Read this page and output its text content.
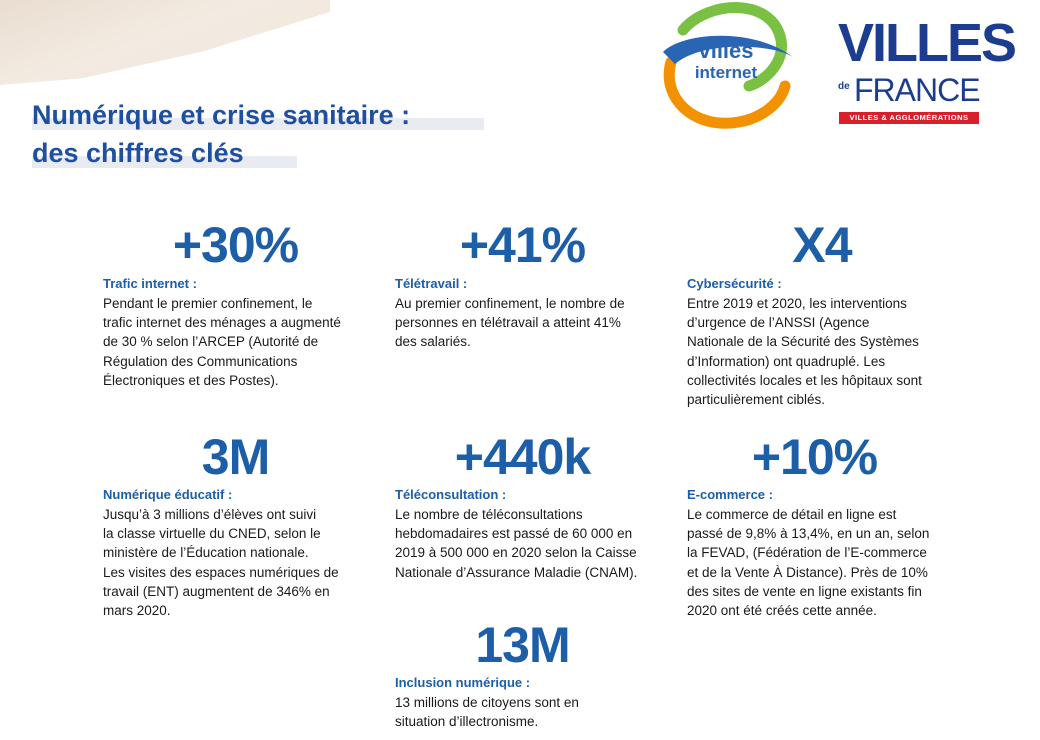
Numérique et crise sanitaire :
des chiffres clés
villes
internet VILLES
de FRANCE
VILLES & AGGLOMÉRATIONS
+30%
Trafic internet :
Pendant le premier confinement, le
trafic internet des ménages a augmenté
de 30 % selon l’ARCEP (Autorité de
Régulation des Communications
Électroniques et des Postes).
+41%
Télétravail :
Au premier confinement, le nombre de
personnes en télétravail a atteint 41%
des salariés.
X4
Cybersécurité :
Entre 2019 et 2020, les interventions
d’urgence de l’ANSSI (Agence
Nationale de la Sécurité des Systèmes
d’Information) ont quadruplé. Les
collectivités locales et les hôpitaux sont
particulièrement ciblés.
3M
Numérique éducatif :
Jusqu’à 3 millions d’élèves ont suivi
la classe virtuelle du CNED, selon le
ministère de l’Éducation nationale.
Les visites des espaces numériques de
travail (ENT) augmentent de 346% en
mars 2020.
+440k
Téléconsultation :
Le nombre de téléconsultations
hebdomadaires est passé de 60 000 en
2019 à 500 000 en 2020 selon la Caisse
Nationale d’Assurance Maladie (CNAM).
+10%
E-commerce :
Le commerce de détail en ligne est
passé de 9,8% à 13,4%, en un an, selon
la FEVAD, (Fédération de l’E-commerce
et de la Vente À Distance). Près de 10%
des sites de vente en ligne existants fin
2020 ont été créés cette année.
13M
Inclusion numérique :
13 millions de citoyens sont en
situation d’illectronisme.
